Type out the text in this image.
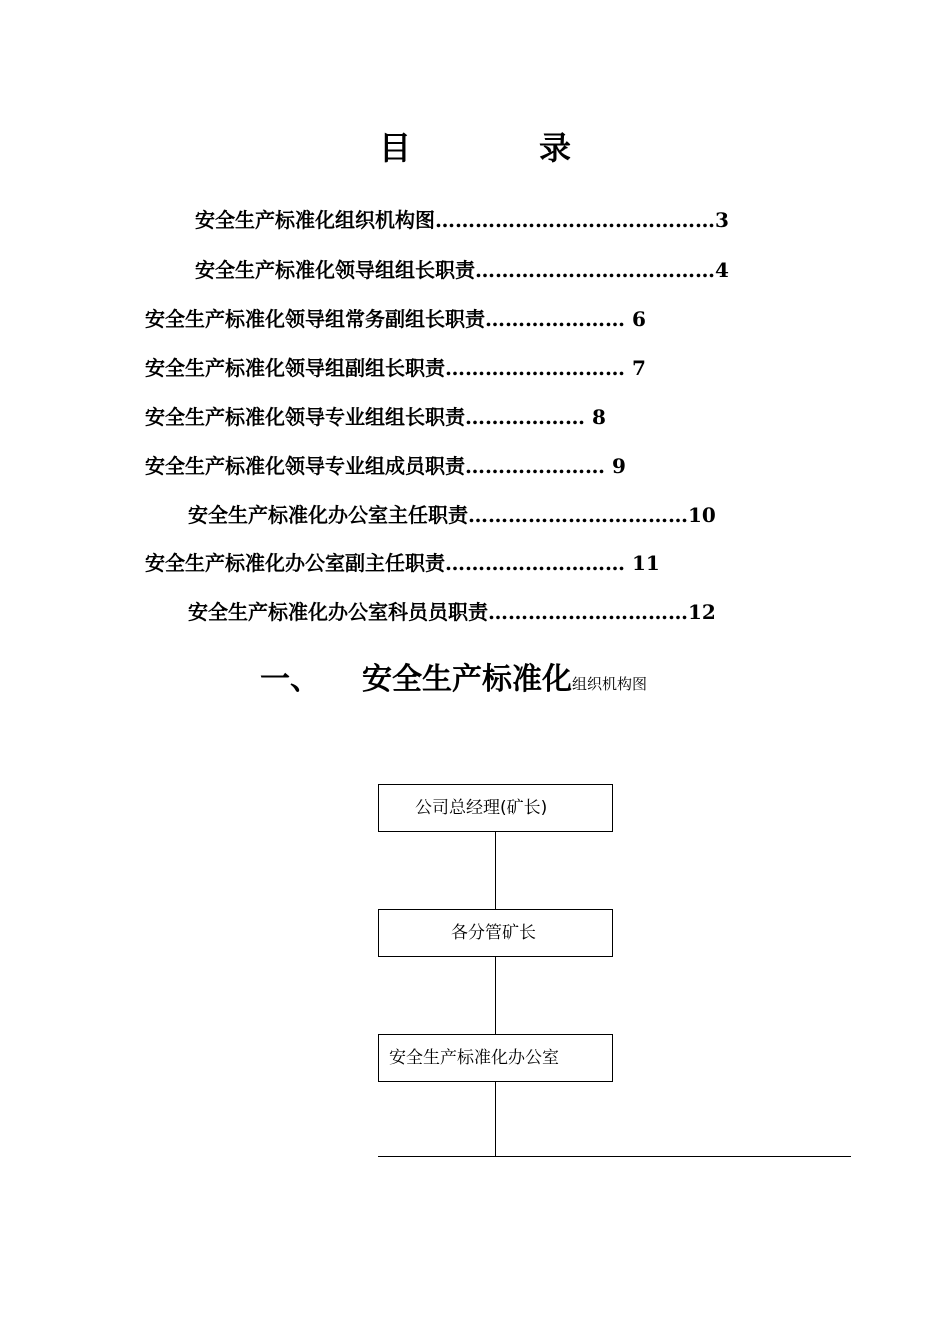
目　录
安全生产标准化组织机构图……………………………………3
安全生产标准化领导组组长职责………………………………4
安全生产标准化领导组常务副组长职责………………… 6
安全生产标准化领导组副组长职责……………………… 7
安全生产标准化领导专业组组长职责……………… 8
安全生产标准化领导专业组成员职责………………… 9
安全生产标准化办公室主任职责……………………………10
安全生产标准化办公室副主任职责……………………… 11
安全生产标准化办公室科员员职责…………………………12
一、 安全生产标准化组织机构图
公司总经理(矿长)
各分管矿长
安全生产标准化办公室
